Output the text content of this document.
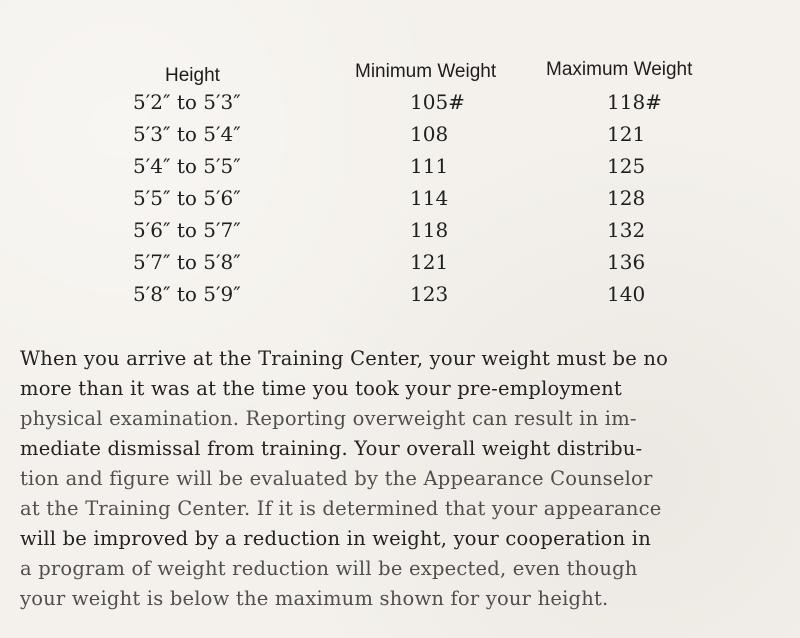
Height	Minimum Weight	Maximum Weight
5′2″ to 5′3″	105#	118#
5′3″ to 5′4″	108	121
5′4″ to 5′5″	111	125
5′5″ to 5′6″	114	128
5′6″ to 5′7″	118	132
5′7″ to 5′8″	121	136
5′8″ to 5′9″	123	140
When you arrive at the Training Center, your weight must be no
more than it was at the time you took your pre-employment
physical examination. Reporting overweight can result in im-
mediate dismissal from training. Your overall weight distribu-
tion and figure will be evaluated by the Appearance Counselor
at the Training Center. If it is determined that your appearance
will be improved by a reduction in weight, your cooperation in
a program of weight reduction will be expected, even though
your weight is below the maximum shown for your height.
